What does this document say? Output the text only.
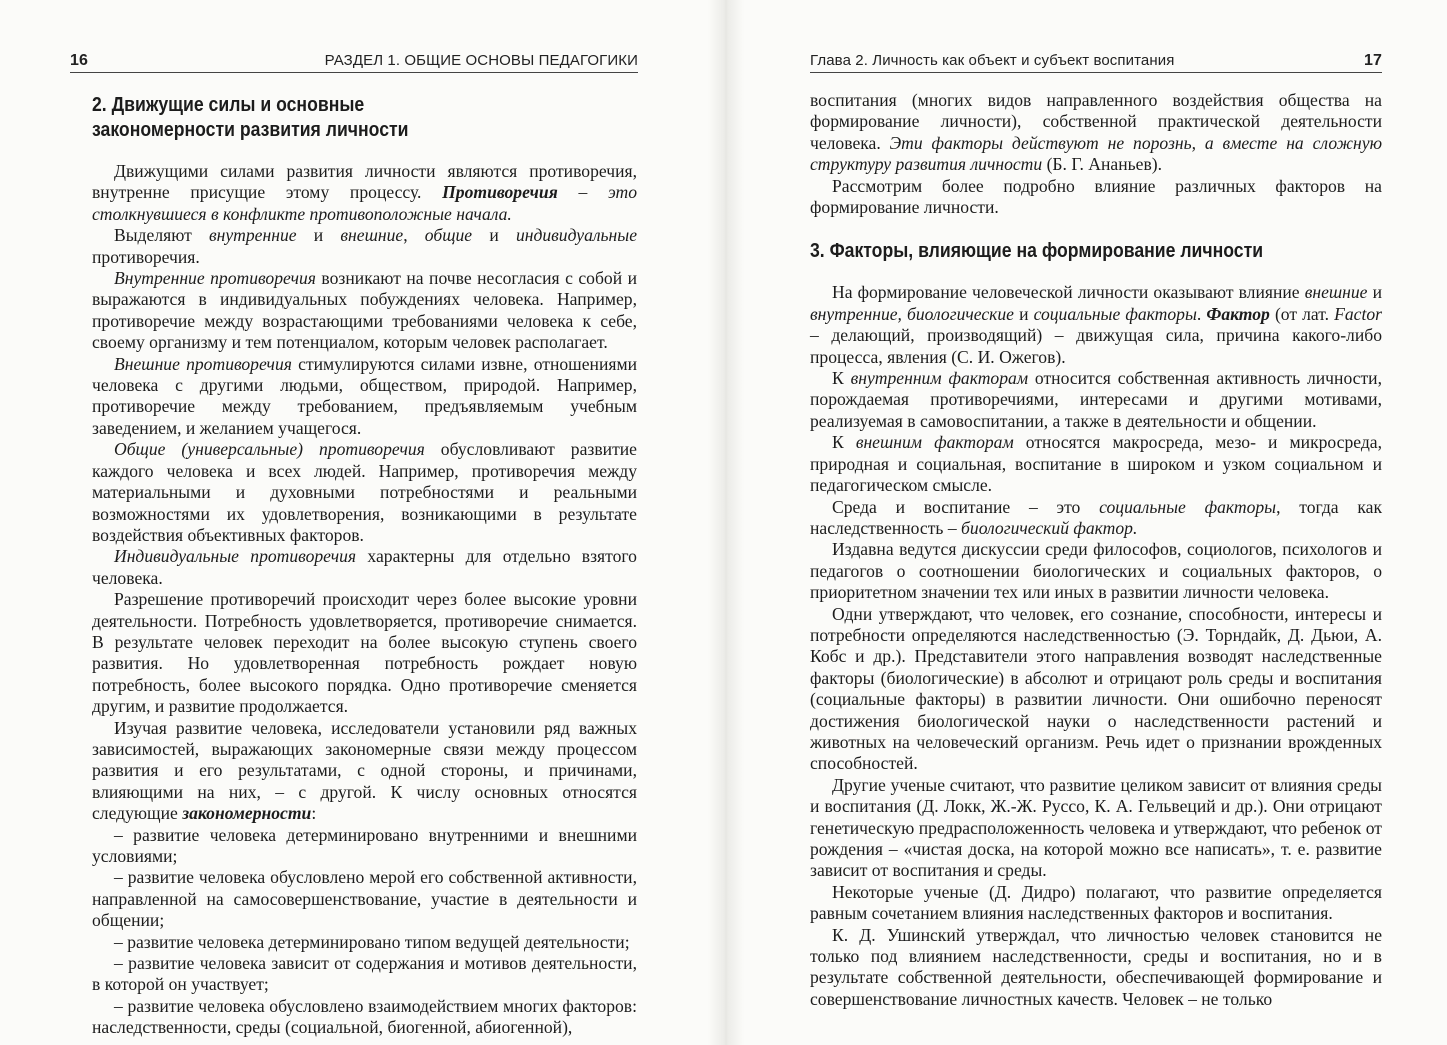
16	РАЗДЕЛ 1. ОБЩИЕ ОСНОВЫ ПЕДАГОГИКИ
2. Движущие силы и основные
закономерности развития личности

Движущими силами развития личности являются противоречия, внутренне присущие этому процессу. Противоречия – это столкнувшиеся в конфликте противоположные начала.

Выделяют внутренние и внешние, общие и индивидуальные противоречия.

Внутренние противоречия возникают на почве несогласия с собой и выражаются в индивидуальных побуждениях человека. Например, противоречие между возрастающими требованиями человека к себе, своему организму и тем потенциалом, которым человек располагает.

Внешние противоречия стимулируются силами извне, отношениями человека с другими людьми, обществом, природой. Например, противоречие между требованием, предъявляемым учебным заведением, и желанием учащегося.

Общие (универсальные) противоречия обусловливают развитие каждого человека и всех людей. Например, противоречия между материальными и духовными потребностями и реальными возможностями их удовлетворения, возникающими в результате воздействия объективных факторов.

Индивидуальные противоречия характерны для отдельно взятого человека.

Разрешение противоречий происходит через более высокие уровни деятельности. Потребность удовлетворяется, противоречие снимается. В результате человек переходит на более высокую ступень своего развития. Но удовлетворенная потребность рождает новую потребность, более высокого порядка. Одно противоречие сменяется другим, и развитие продолжается.

Изучая развитие человека, исследователи установили ряд важных зависимостей, выражающих закономерные связи между процессом развития и его результатами, с одной стороны, и причинами, влияющими на них, – с другой. К числу основных относятся следующие закономерности:

– развитие человека детерминировано внутренними и внешними условиями;

– развитие человека обусловлено мерой его собственной активности, направленной на самосовершенствование, участие в деятельности и общении;

– развитие человека детерминировано типом ведущей деятельности;

– развитие человека зависит от содержания и мотивов деятельности, в которой он участвует;

– развитие человека обусловлено взаимодействием многих факторов: наследственности, среды (социальной, биогенной, абиогенной),

Глава 2. Личность как объект и субъект воспитания	17

воспитания (многих видов направленного воздействия общества на формирование личности), собственной практической деятельности человека. Эти факторы действуют не порознь, а вместе на сложную структуру развития личности (Б. Г. Ананьев).

Рассмотрим более подробно влияние различных факторов на формирование личности.

3. Факторы, влияющие на формирование личности

На формирование человеческой личности оказывают влияние внешние и внутренние, биологические и социальные факторы. Фактор (от лат. Factor – делающий, производящий) – движущая сила, причина какого-либо процесса, явления (С. И. Ожегов).

К внутренним факторам относится собственная активность личности, порождаемая противоречиями, интересами и другими мотивами, реализуемая в самовоспитании, а также в деятельности и общении.

К внешним факторам относятся макросреда, мезо- и микросреда, природная и социальная, воспитание в широком и узком социальном и педагогическом смысле.

Среда и воспитание – это социальные факторы, тогда как наследственность – биологический фактор.

Издавна ведутся дискуссии среди философов, социологов, психологов и педагогов о соотношении биологических и социальных факторов, о приоритетном значении тех или иных в развитии личности человека.

Одни утверждают, что человек, его сознание, способности, интересы и потребности определяются наследственностью (Э. Торндайк, Д. Дьюи, А. Кобс и др.). Представители этого направления возводят наследственные факторы (биологические) в абсолют и отрицают роль среды и воспитания (социальные факторы) в развитии личности. Они ошибочно переносят достижения биологической науки о наследственности растений и животных на человеческий организм. Речь идет о признании врожденных способностей.

Другие ученые считают, что развитие целиком зависит от влияния среды и воспитания (Д. Локк, Ж.-Ж. Руссо, К. А. Гельвеций и др.). Они отрицают генетическую предрасположенность человека и утверждают, что ребенок от рождения – «чистая доска, на которой можно все написать», т. е. развитие зависит от воспитания и среды.

Некоторые ученые (Д. Дидро) полагают, что развитие определяется равным сочетанием влияния наследственных факторов и воспитания.

К. Д. Ушинский утверждал, что личностью человек становится не только под влиянием наследственности, среды и воспитания, но и в результате собственной деятельности, обеспечивающей формирование и совершенствование личностных качеств. Человек – не только
